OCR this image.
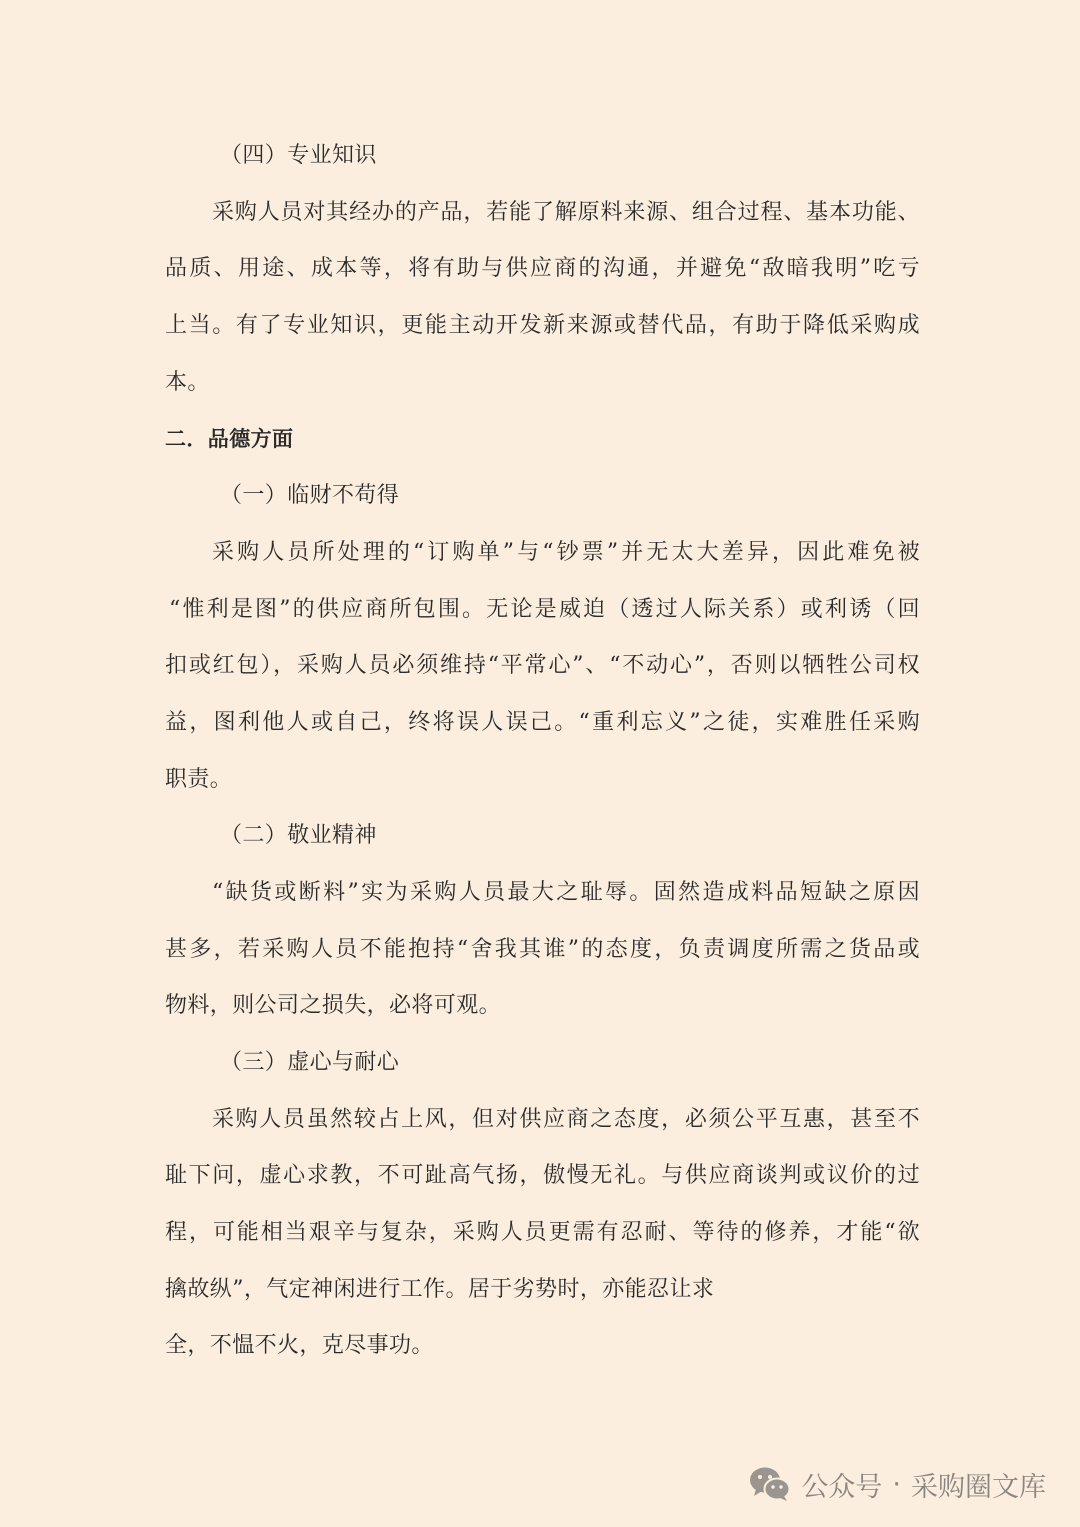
（四）专业知识
采购人员对其经办的产品，若能了解原料来源、组合过程、基本功能、
品质、用途、成本等，将有助与供应商的沟通，并避免“敌暗我明”吃亏
上当。有了专业知识，更能主动开发新来源或替代品，有助于降低采购成
本。
二．品德方面
（一）临财不苟得
采购人员所处理的“订购单”与“钞票”并无太大差异，因此难免被
“惟利是图”的供应商所包围。无论是威迫（透过人际关系）或利诱（回
扣或红包），采购人员必须维持“平常心”、“不动心”，否则以牺牲公司权
益，图利他人或自己，终将误人误己。“重利忘义”之徒，实难胜任采购
职责。
（二）敬业精神
“缺货或断料”实为采购人员最大之耻辱。固然造成料品短缺之原因
甚多，若采购人员不能抱持“舍我其谁”的态度，负责调度所需之货品或
物料，则公司之损失，必将可观。
（三）虚心与耐心
采购人员虽然较占上风，但对供应商之态度，必须公平互惠，甚至不
耻下问，虚心求教，不可趾高气扬，傲慢无礼。与供应商谈判或议价的过
程，可能相当艰辛与复杂，采购人员更需有忍耐、等待的修养，才能“欲
擒故纵”，气定神闲进行工作。居于劣势时，亦能忍让求
全，不愠不火，克尽事功。
公众号 · 采购圈文库
